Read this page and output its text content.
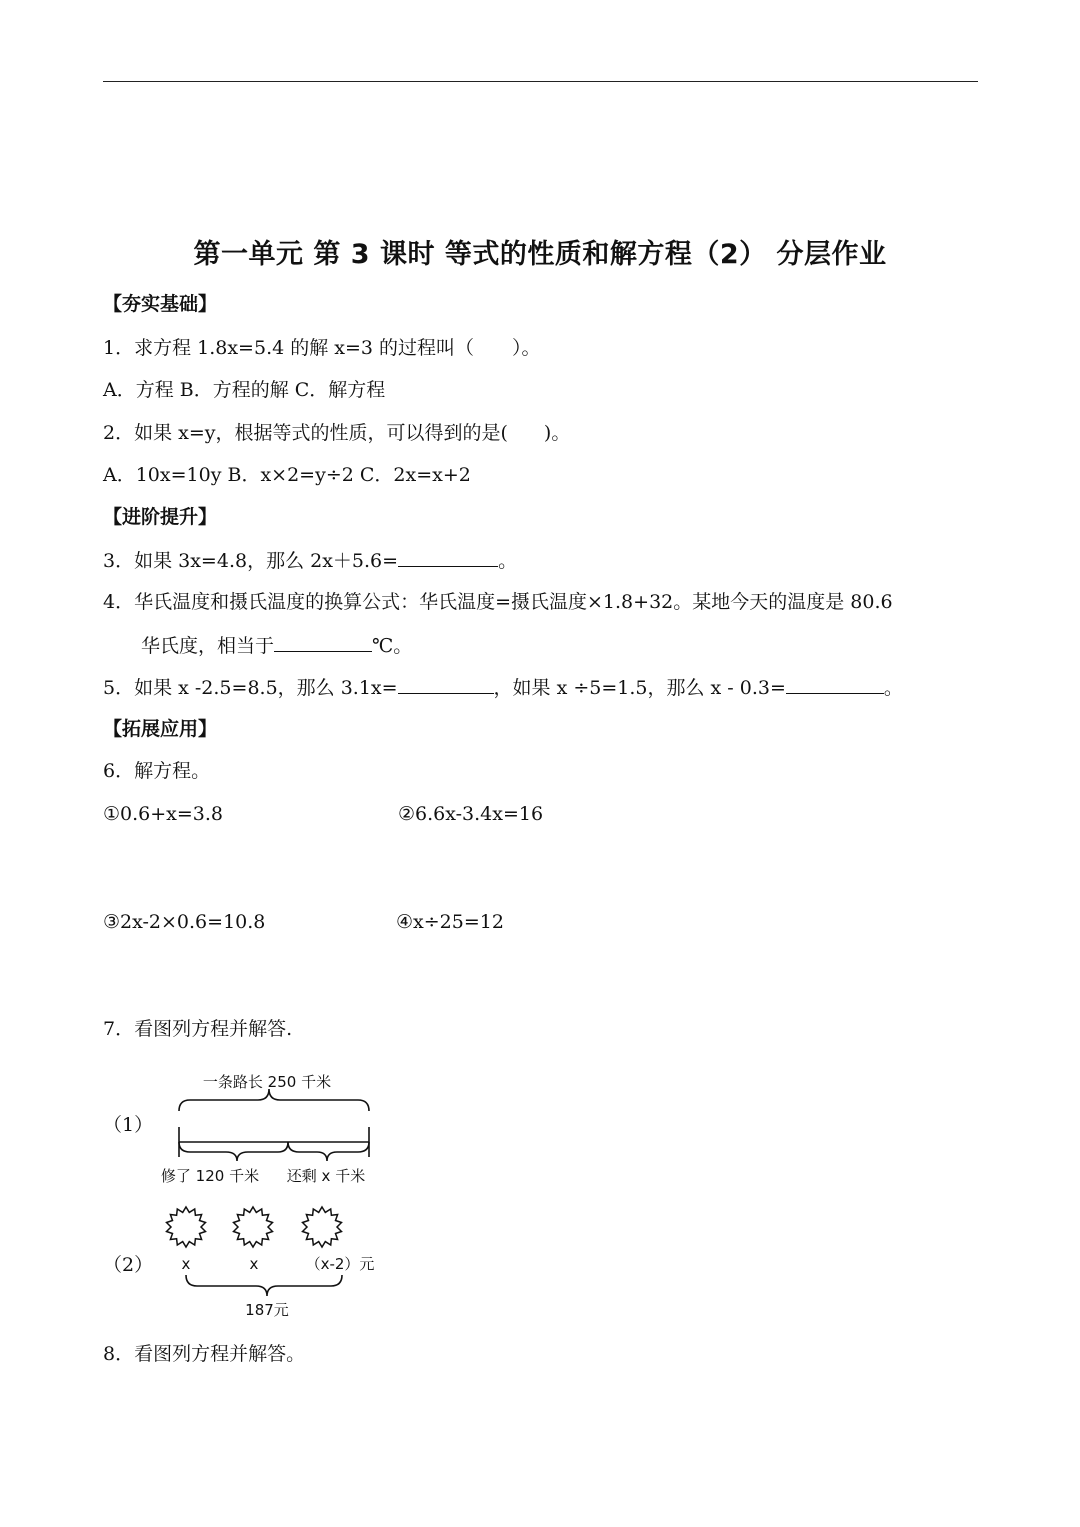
第一单元 第 3 课时 等式的性质和解方程（2） 分层作业
【夯实基础】
1．求方程 1.8x=5.4 的解 x=3 的过程叫（ ）。
A．方程 B．方程的解 C．解方程
2．如果 x=y，根据等式的性质，可以得到的是( )。
A．10x=10y B．x×2=y÷2 C．2x=x+2
【进阶提升】
3．如果 3x=4.8，那么 2x＋5.6=	。
4．华氏温度和摄氏温度的换算公式：华氏温度=摄氏温度×1.8+32。某地今天的温度是 80.6
华氏度，相当于	℃。
5．如果 x -2.5=8.5，那么 3.1x=	，如果 x ÷5=1.5，那么 x - 0.3=	。
【拓展应用】
6．解方程。
①0.6+x=3.8	②6.6x-3.4x=16
③2x-2×0.6=10.8	④x÷25=12
7．看图列方程并解答.
（1）
一条路长 250 千米
修了 120 千米 还剩 x 千米
（2） x	x	（x-2）元
187元
8．看图列方程并解答。
